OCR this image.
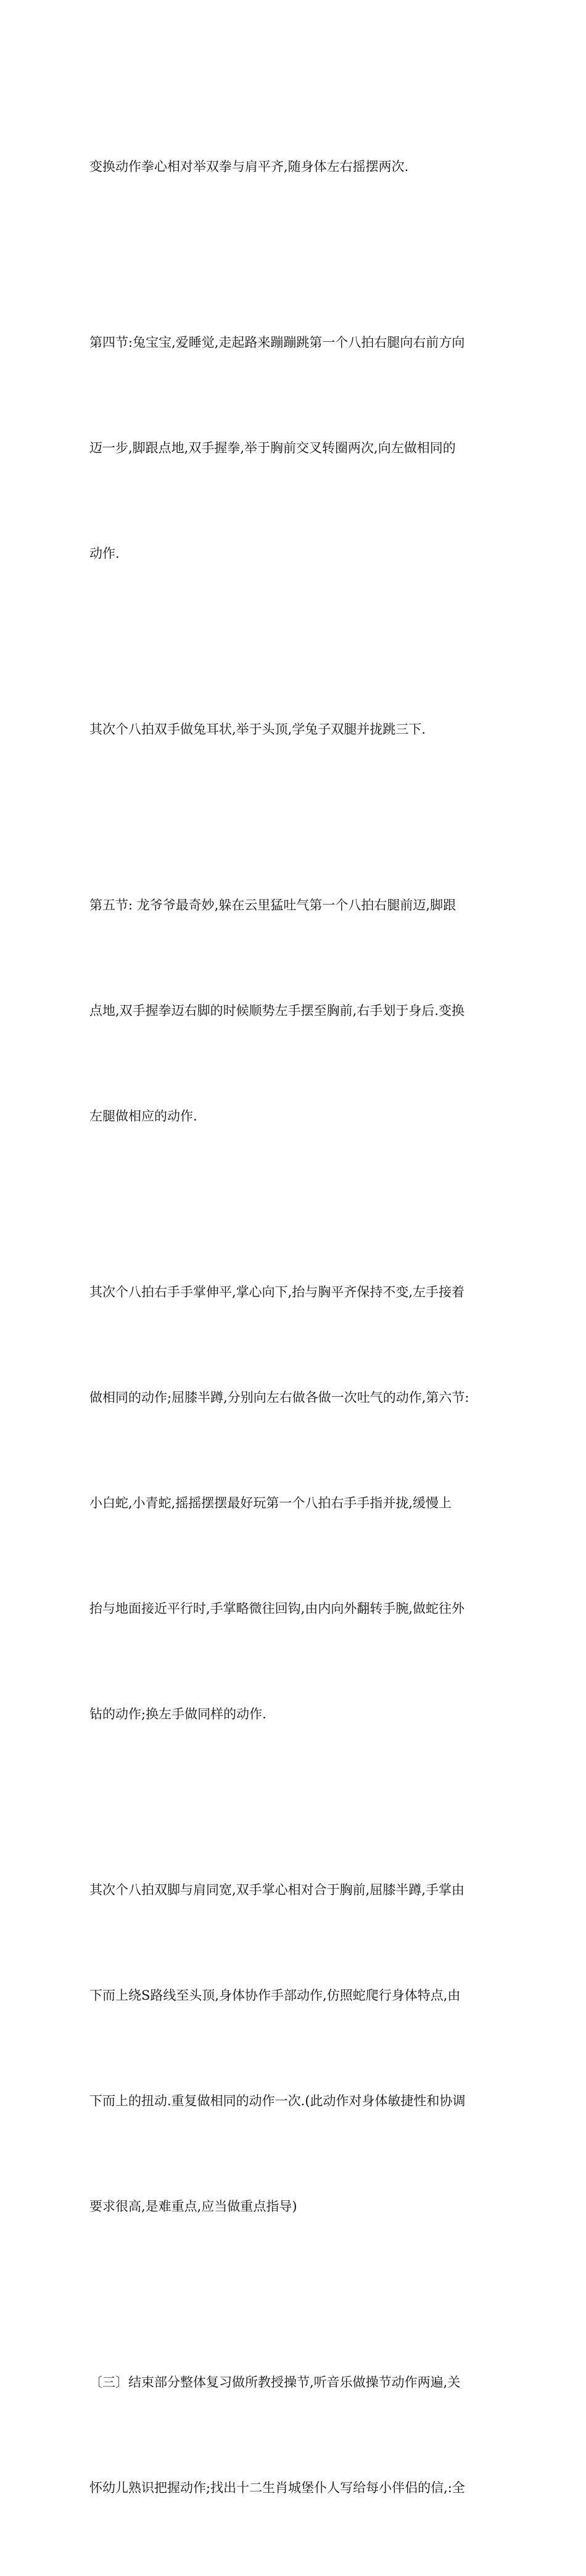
变换动作拳心相对举双拳与肩平齐,随身体左右摇摆两次.

第四节:兔宝宝,爱睡觉,走起路来蹦蹦跳第一个八拍右腿向右前方向

迈一步,脚跟点地,双手握拳,举于胸前交叉转圈两次,向左做相同的

动作.

其次个八拍双手做兔耳状,举于头顶,学兔子双腿并拢跳三下.

第五节: 龙爷爷最奇妙,躲在云里猛吐气第一个八拍右腿前迈,脚跟

点地,双手握拳迈右脚的时候顺势左手摆至胸前,右手划于身后.变换

左腿做相应的动作.

其次个八拍右手手掌伸平,掌心向下,抬与胸平齐保持不变,左手接着

做相同的动作;屈膝半蹲,分别向左右做各做一次吐气的动作,第六节:

小白蛇,小青蛇,摇摇摆摆最好玩第一个八拍右手手指并拢,缓慢上

抬与地面接近平行时,手掌略微往回钩,由内向外翻转手腕,做蛇往外

钻的动作;换左手做同样的动作.

其次个八拍双脚与肩同宽,双手掌心相对合于胸前,屈膝半蹲,手掌由

下而上绕S路线至头顶,身体协作手部动作,仿照蛇爬行身体特点,由

下而上的扭动.重复做相同的动作一次.(此动作对身体敏捷性和协调

要求很高,是难重点,应当做重点指导)

〔三〕结束部分整体复习做所教授操节,听音乐做操节动作两遍,关

怀幼儿熟识把握动作;找出十二生肖城堡仆人写给每小伴侣的信,:全
